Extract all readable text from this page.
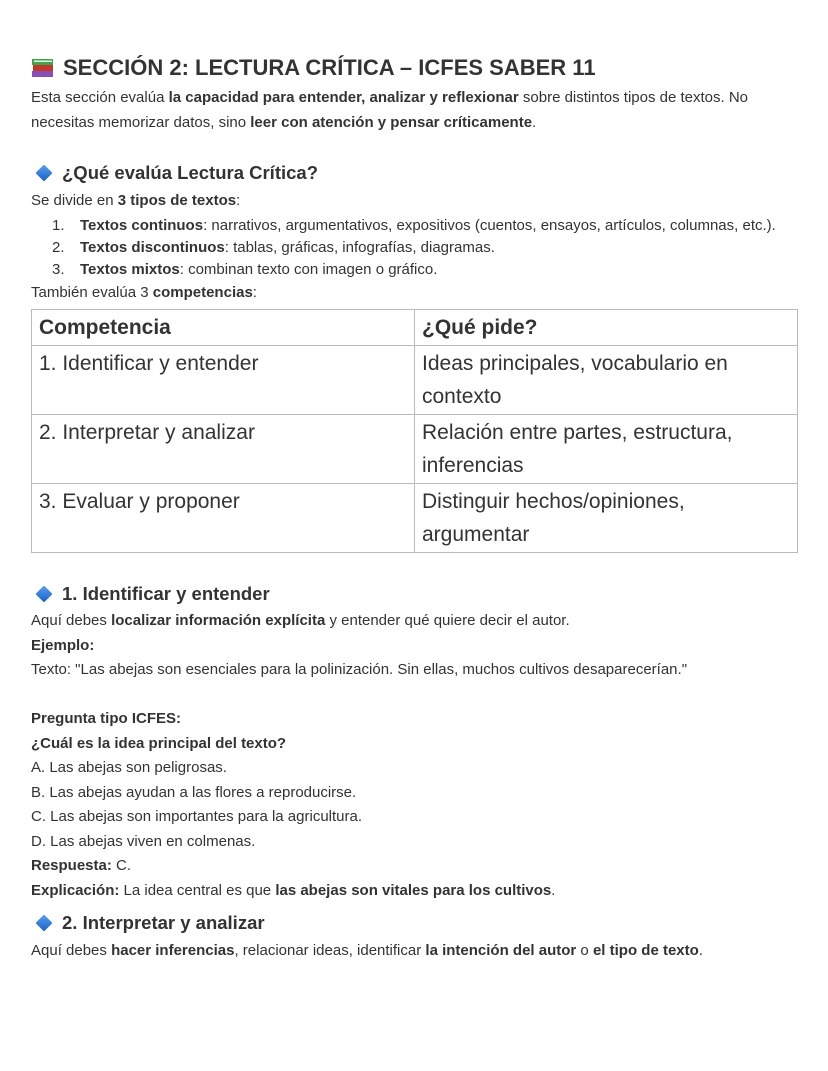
SECCIÓN 2: LECTURA CRÍTICA – ICFES SABER 11
Esta sección evalúa la capacidad para entender, analizar y reflexionar sobre distintos tipos de textos. No necesitas memorizar datos, sino leer con atención y pensar críticamente.
¿Qué evalúa Lectura Crítica?
Se divide en 3 tipos de textos:
1. Textos continuos: narrativos, argumentativos, expositivos (cuentos, ensayos, artículos, columnas, etc.).
2. Textos discontinuos: tablas, gráficas, infografías, diagramas.
3. Textos mixtos: combinan texto con imagen o gráfico.
También evalúa 3 competencias:
Competencia	¿Qué pide?
1. Identificar y entender	Ideas principales, vocabulario en contexto
2. Interpretar y analizar	Relación entre partes, estructura, inferencias
3. Evaluar y proponer	Distinguir hechos/opiniones, argumentar
1. Identificar y entender
Aquí debes localizar información explícita y entender qué quiere decir el autor.
Ejemplo:
Texto: "Las abejas son esenciales para la polinización. Sin ellas, muchos cultivos desaparecerían."

Pregunta tipo ICFES:
¿Cuál es la idea principal del texto?
A. Las abejas son peligrosas.
B. Las abejas ayudan a las flores a reproducirse.
C. Las abejas son importantes para la agricultura.
D. Las abejas viven en colmenas.
Respuesta: C.
Explicación: La idea central es que las abejas son vitales para los cultivos.
2. Interpretar y analizar
Aquí debes hacer inferencias, relacionar ideas, identificar la intención del autor o el tipo de texto.
